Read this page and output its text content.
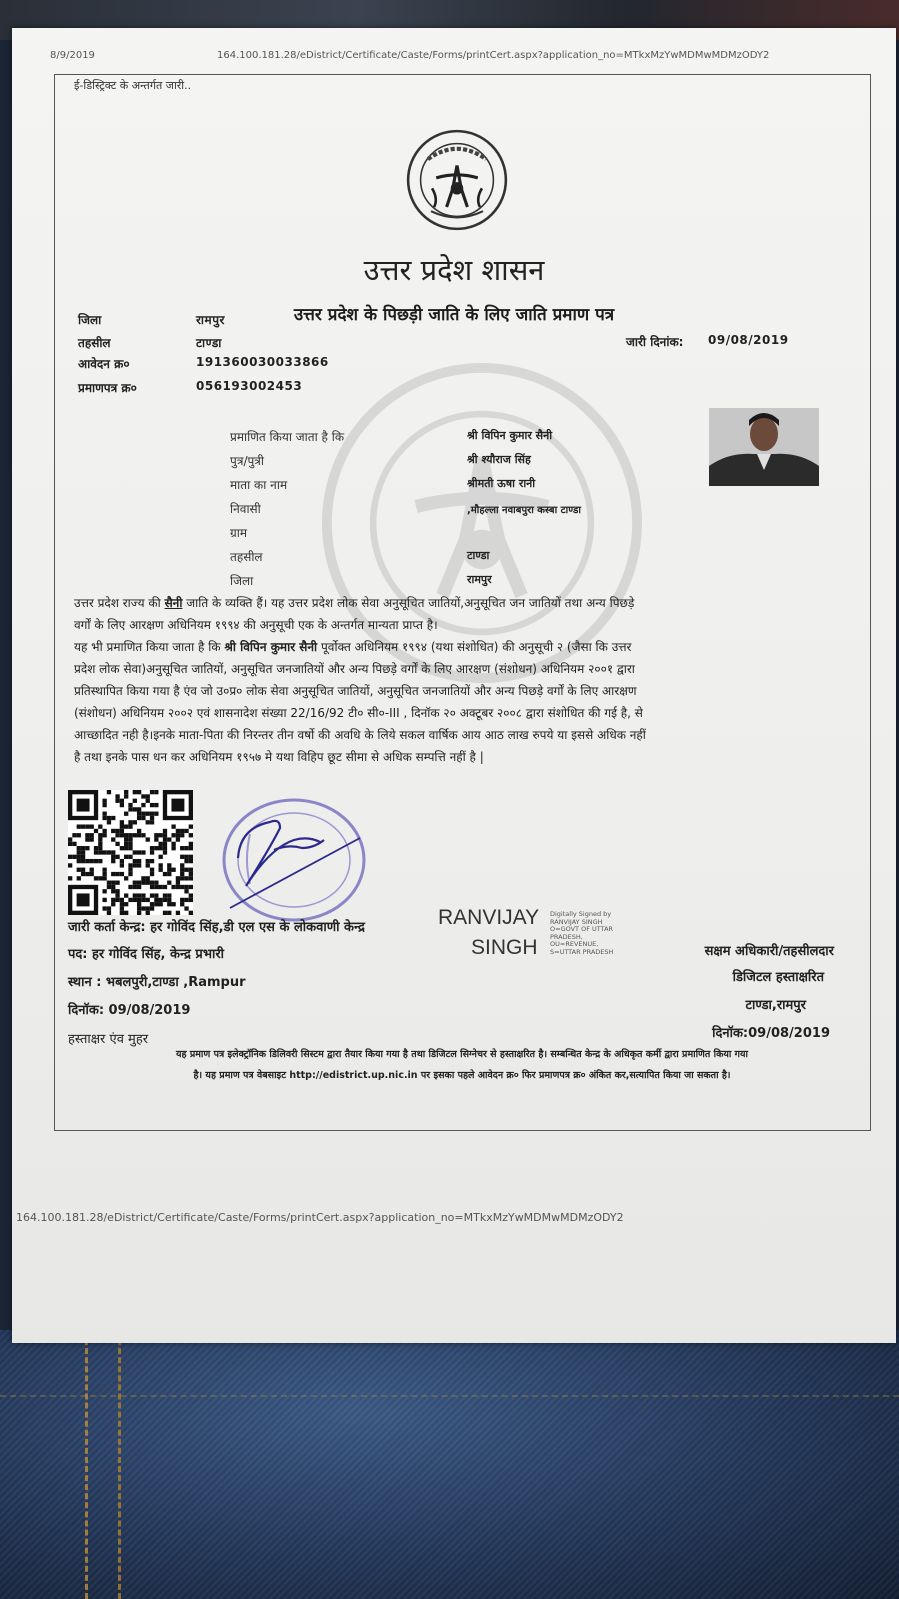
8/9/2019	164.100.181.28/eDistrict/Certificate/Caste/Forms/printCert.aspx?application_no=MTkxMzYwMDMwMDMzODY2
ई-डिस्ट्रिक्ट के अन्तर्गत जारी..
उत्तर प्रदेश शासन
उत्तर प्रदेश के पिछड़ी जाति के लिए जाति प्रमाण पत्र
जिला	रामपुर
तहसील	टाण्डा
आवेदन क्र०	191360030033866
प्रमाणपत्र क्र०	056193002453
जारी दिनांक: 09/08/2019
प्रमाणित किया जाता है कि	श्री विपिन कुमार सैनी
पुत्र/पुत्री	श्री श्यौराज सिंह
माता का नाम	श्रीमती ऊषा रानी
निवासी	,मौहल्ला नवाबपुरा कस्बा टाण्डा
ग्राम
तहसील	टाण्डा
जिला	रामपुर
उत्तर प्रदेश राज्य की सैनी जाति के व्यक्ति हैं। यह उत्तर प्रदेश लोक सेवा अनुसूचित जातियों,अनुसूचित जन जातियों तथा अन्य पिछड़े
वर्गों के लिए आरक्षण अधिनियम १९९४ की अनुसूची एक के अन्तर्गत मान्यता प्राप्त है।
यह भी प्रमाणित किया जाता है कि श्री विपिन कुमार सैनी पूर्वोक्त अधिनियम १९९४ (यथा संशोधित) की अनुसूची २ (जैसा कि उत्तर
प्रदेश लोक सेवा)अनुसूचित जातियों, अनुसूचित जनजातियों और अन्य पिछड़े वर्गों के लिए आरक्षण (संशोधन) अधिनियम २००१ द्वारा
प्रतिस्थापित किया गया है एंव जो उ०प्र० लोक सेवा अनुसूचित जातियों, अनुसूचित जनजातियों और अन्य पिछड़े वर्गों के लिए आरक्षण
(संशोधन) अधिनियम २००२ एवं शासनादेश संख्या 22/16/92 टी० सी०-III , दिनॉक २० अक्टूबर २००८ द्वारा संशोधित की गई है, से
आच्छादित नही है।इनके माता-पिता की निरन्तर तीन वर्षो की अवधि के लिये सकल वार्षिक आय आठ लाख रुपये या इससे अधिक नहीं
है तथा इनके पास धन कर अधिनियम १९५७ मे यथा विहिप छूट सीमा से अधिक सम्पत्ति नहीं है |
जारी कर्ता केन्द्र: हर गोविंद सिंह,डी एल एस के लोकवाणी केन्द्र
पद: हर गोविंद सिंह, केन्द्र प्रभारी
स्थान : भबलपुरी,टाण्डा ,Rampur
दिनॉक: 09/08/2019
हस्ताक्षर एंव मुहर
RANVIJAY
SINGH
Digitally Signed by
RANVIJAY SINGH
O=GOVT OF UTTAR
PRADESH,
OU=REVENUE,
S=UTTAR PRADESH	सक्षम अधिकारी/तहसीलदार
डिजिटल हस्ताक्षरित
टाण्डा,रामपुर
दिनॉक:09/08/2019
यह प्रमाण पत्र इलेक्ट्रॉनिक डिलिवरी सिस्टम द्वारा तैयार किया गया है तथा डिजिटल सिग्नेचर से हस्ताक्षरित है। सम्बन्धित केन्द्र के अधिकृत कर्मी द्वारा प्रमाणित किया गया
है। यह प्रमाण पत्र वेबसाइट http://edistrict.up.nic.in पर इसका पहले आवेदन क्र० फिर प्रमाणपत्र क्र० अंकित कर,सत्यापित किया जा सकता है।
164.100.181.28/eDistrict/Certificate/Caste/Forms/printCert.aspx?application_no=MTkxMzYwMDMwMDMzODY2
